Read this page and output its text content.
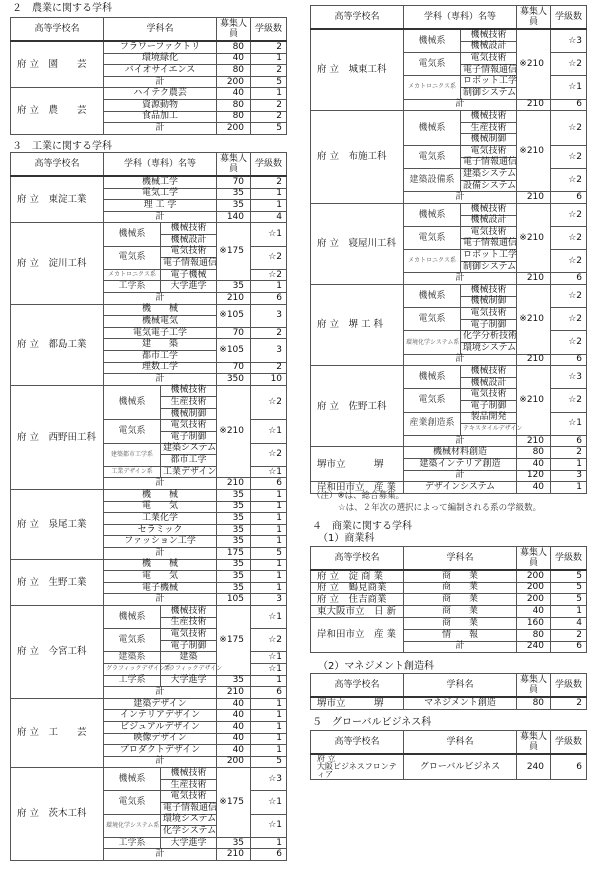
２　農業に関する学科
高等学校名	学科名	募集人員	学級数
府 立　園　　芸	フラワーファクトリ	80	2
	環境緑化	40	1
	バイオサイエンス	80	2
	計	200	5
府 立　農　　芸	ハイテク農芸	40	1
	資源動物	80	2
	食品加工	80	2
	計	200	5
３　工業に関する学科
高等学校名	学科（専科）名等		募集人員	学級数
府 立　東淀工業	機械工学		70	2
	電気工学		35	1
	理 工 学		35	1
	計		140	4
府 立　淀川工科	機械系	機械技術	※175	☆1
		機械設計		
	電気系	電気技術		☆2
		電子情報通信		
	メカトロニクス系	電子機械		☆2
	工学系	大学進学	35	1
	計		210	6
府 立　都島工業	機　　械		※105	3
	機械電気			
	電気電子工学		70	2
	建　　築		※105	3
	都市工学			
	理数工学		70	2
	計		350	10
府 立　西野田工科	機械系	機械技術	※210	☆2
		生産技術		
		機械制御		
	電気系	電気技術		☆1
		電子制御		
	建築都市工学系	建築システム		☆2
		都市工学		
	工業デザイン系	工業デザイン		☆1
	計		210	6
府 立　泉尾工業	機　　械		35	1
	電　　気		35	1
	工業化学		35	1
	セラミック		35	1
	ファッション工学		35	1
	計		175	5
府 立　生野工業	機　　械		35	1
	電　　気		35	1
	電子機械		35	1
	計		105	3
府 立　今宮工科	機械系	機械技術	※175	☆1
		生産技術		
	電気系	電気技術		☆2
		電子制御		
	建築系	建築		☆1
	グラフィックデザイン系	グラフィックデザイン		☆1
	工学系	大学進学	35	1
	計		210	6
府 立　工　　芸	建築デザイン		40	1
	インテリアデザイン		40	1
	ビジュアルデザイン		40	1
	映像デザイン		40	1
	プロダクトデザイン		40	1
	計		200	5
府 立　茨木工科	機械系	機械技術	※175	☆3
		生産技術		
	電気系	電気技術		☆1
		電子情報通信		
	環境化学システム系	環境システム		☆1
		化学システム		
	工学系	大学進学	35	1
	計		210	6
高等学校名	学科（専科）名等		募集人員	学級数
府 立　城東工科	機械系	機械技術	※210	☆3
		機械設計		
	電気系	電気技術		☆2
		電子情報通信		
	メカトロニクス系	ロボット工学		☆1
		制御システム		
	計		210	6
府 立　布施工科	機械系	機械技術	※210	☆2
		生産技術		
		機械制御		
	電気系	電気技術		☆2
		電子情報通信		
	建築設備系	建築システム		☆2
		設備システム		
	計		210	6
府 立　寝屋川工科	機械系	機械技術	※210	☆2
		機械設計		
	電気系	電気技術		☆2
		電子情報通信		
	メカトロニクス系	ロボット工学		☆2
		制御システム		
	計		210	6
府 立　堺 工 科	機械系	機械技術	※210	☆2
		機械制御		
	電気系	電気技術		☆2
		電子制御		
	環境化学システム系	化学分析技術		☆2
		環境システム		
	計		210	6
府 立　佐野工科	機械系	機械技術	※210	☆3
		機械設計		
	電気系	電気技術		☆2
		電子制御		
	産業創造系	製品開発		☆1
		テキスタイルデザイン		
	計		210	6
堺市立　　　堺	機械材料創造		80	2
	建築インテリア創造		40	1
	計		120	3
岸和田市立　産 業	デザインシステム		40	1
（注）※は、総合募集。
☆は、２年次の選択によって編制される系の学級数。
４　商業に関する学科
（1）商業科
高等学校名	学科名	募集人員	学級数
府 立　淀 商 業	商　　業	200	5
府 立　鶴見商業	商　　業	200	5
府 立　住吉商業	商　　業	200	5
東大阪市立　日 新	商　　業	40	1
岸和田市立　産 業	商　　業	160	4
	情　　報	80	2
	計	240	6
（2）マネジメント創造科
高等学校名	学科名	募集人員	学級数
堺市立　　　堺	マネジメント創造	80	2
５　グローバルビジネス科
高等学校名	学科名	募集人員	学級数
府 立
大阪ビジネスフロンティア	グローバルビジネス	240	6
